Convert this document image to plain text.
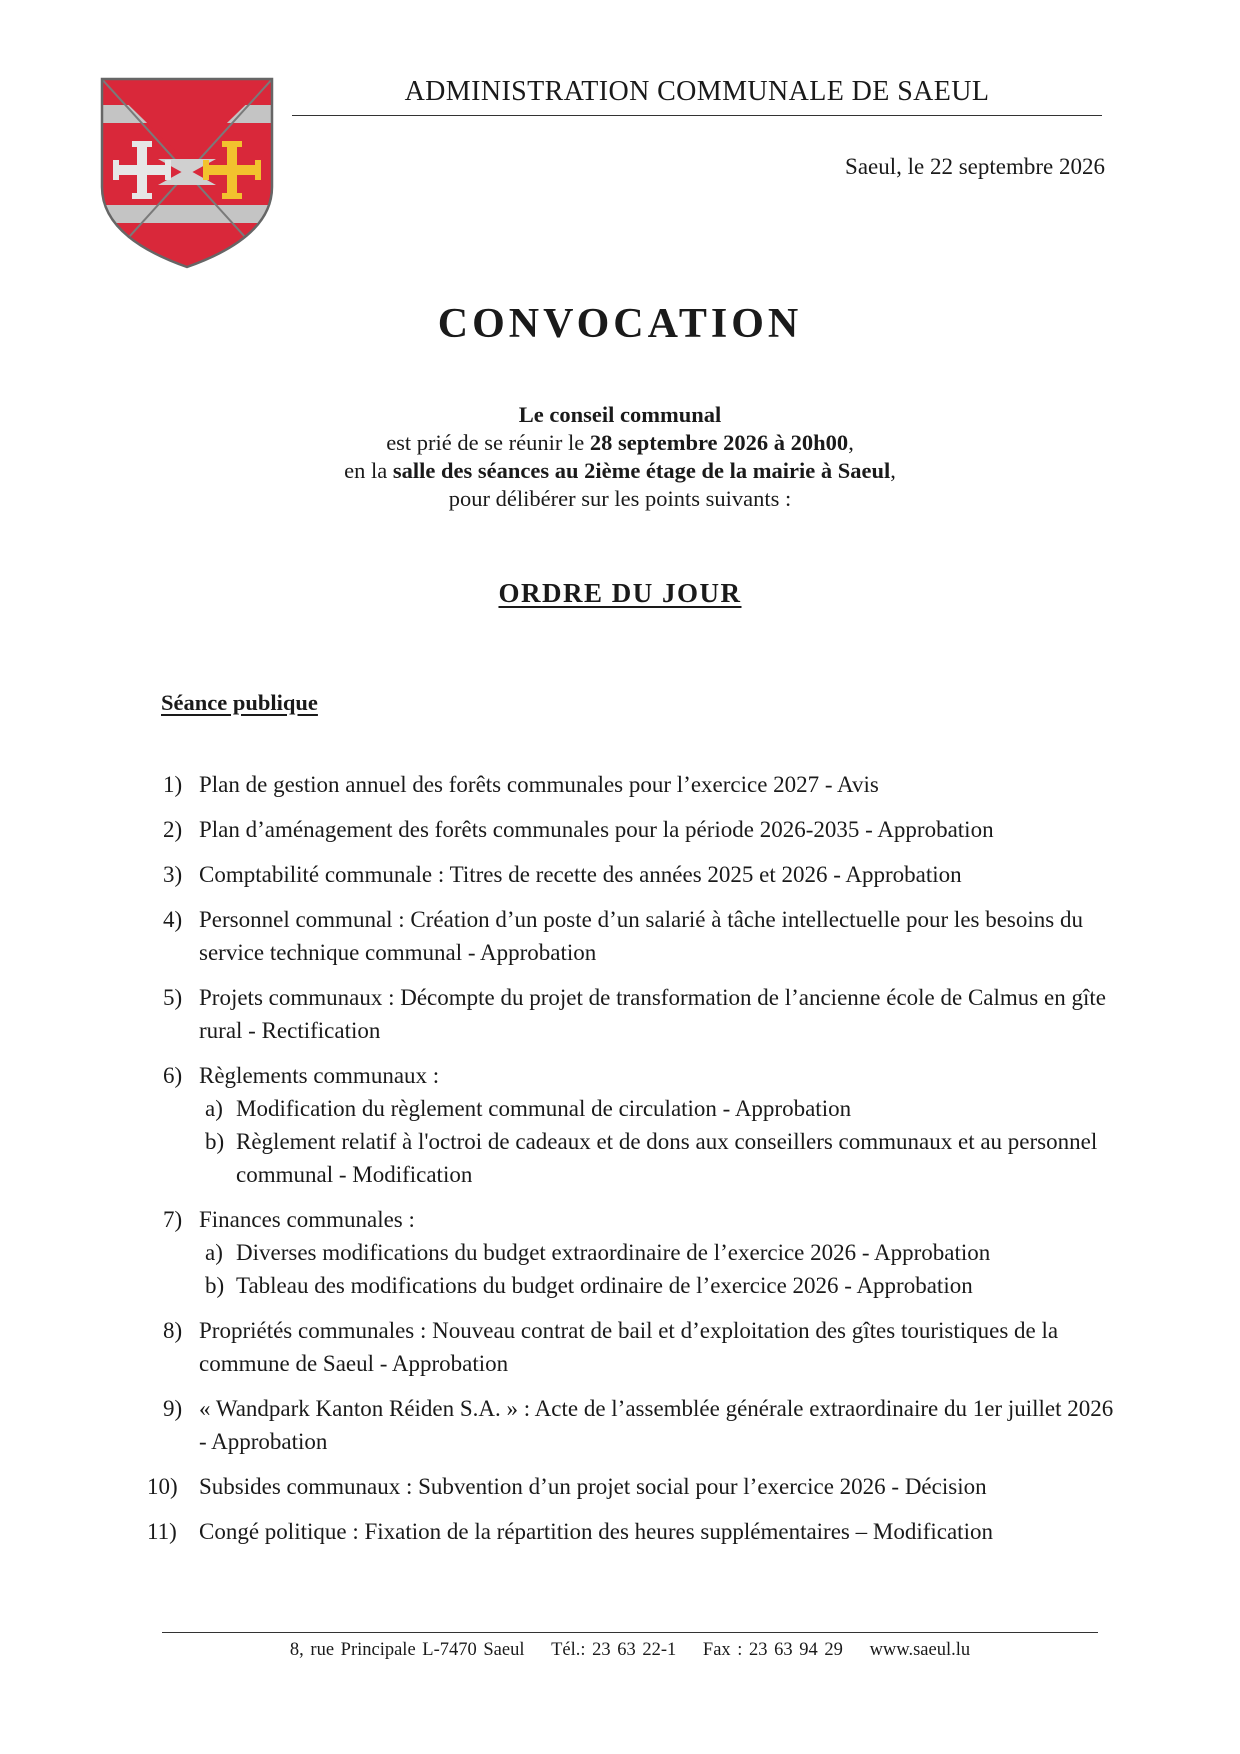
ADMINISTRATION COMMUNALE DE SAEUL
Saeul, le 22 septembre 2026
CONVOCATION
Le conseil communal
est prié de se réunir le 28 septembre 2026 à 20h00,
en la salle des séances au 2ième étage de la mairie à Saeul,
pour délibérer sur les points suivants :
ORDRE DU JOUR
Séance publique
1) Plan de gestion annuel des forêts communales pour l’exercice 2027 - Avis
2) Plan d’aménagement des forêts communales pour la période 2026-2035 - Approbation
3) Comptabilité communale : Titres de recette des années 2025 et 2026 - Approbation
4) Personnel communal : Création d’un poste d’un salarié à tâche intellectuelle pour les besoins du service technique communal - Approbation
5) Projets communaux : Décompte du projet de transformation de l’ancienne école de Calmus en gîte rural - Rectification
6) Règlements communaux :
a) Modification du règlement communal de circulation - Approbation
b) Règlement relatif à l'octroi de cadeaux et de dons aux conseillers communaux et au personnel communal - Modification
7) Finances communales :
a) Diverses modifications du budget extraordinaire de l’exercice 2026 - Approbation
b) Tableau des modifications du budget ordinaire de l’exercice 2026 - Approbation
8) Propriétés communales : Nouveau contrat de bail et d’exploitation des gîtes touristiques de la commune de Saeul - Approbation
9) « Wandpark Kanton Réiden S.A. » : Acte de l’assemblée générale extraordinaire du 1er juillet 2026 - Approbation
10) Subsides communaux : Subvention d’un projet social pour l’exercice 2026 - Décision
11) Congé politique : Fixation de la répartition des heures supplémentaires – Modification
8, rue Principale L-7470 Saeul Tél.: 23 63 22-1 Fax : 23 63 94 29 www.saeul.lu
